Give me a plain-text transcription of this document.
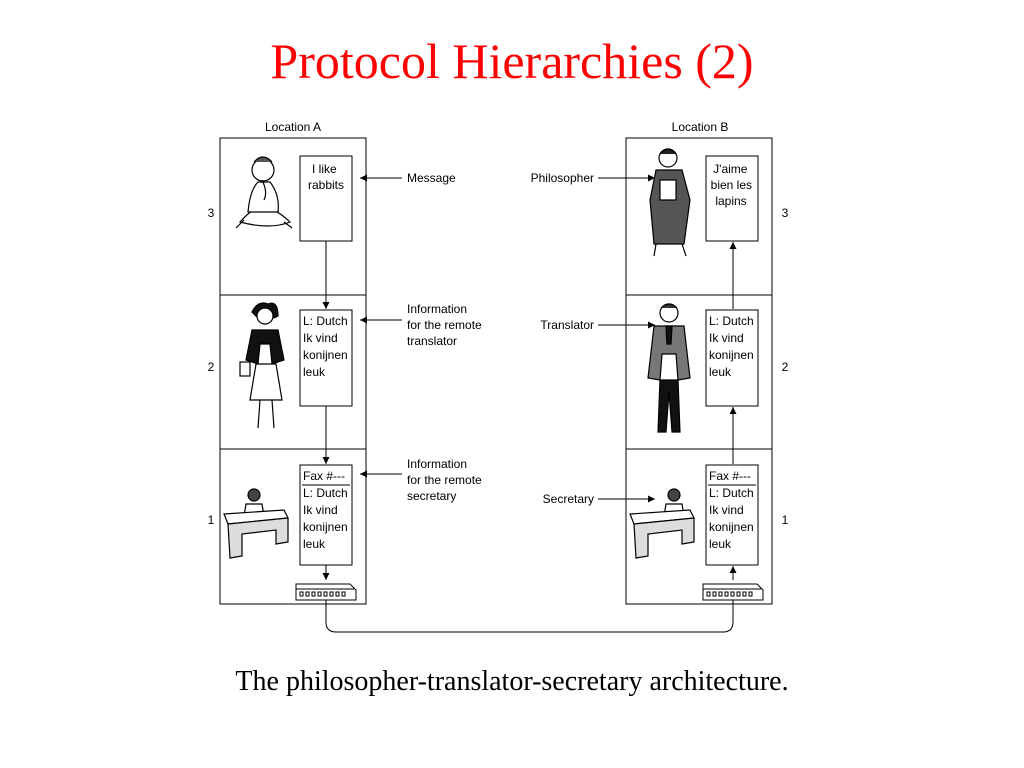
Protocol Hierarchies (2)
Location A	Location B
3
2
1
3
2
1
I like rabbits
L: Dutch Ik vind konijnen leuk
Fax #--- L: Dutch Ik vind konijnen leuk
J'aime bien les lapins
L: Dutch Ik vind konijnen leuk
Fax #--- L: Dutch Ik vind konijnen leuk
Message
Information for the remote translator
Information for the remote secretary
Philosopher
Translator
Secretary
The philosopher-translator-secretary architecture.
